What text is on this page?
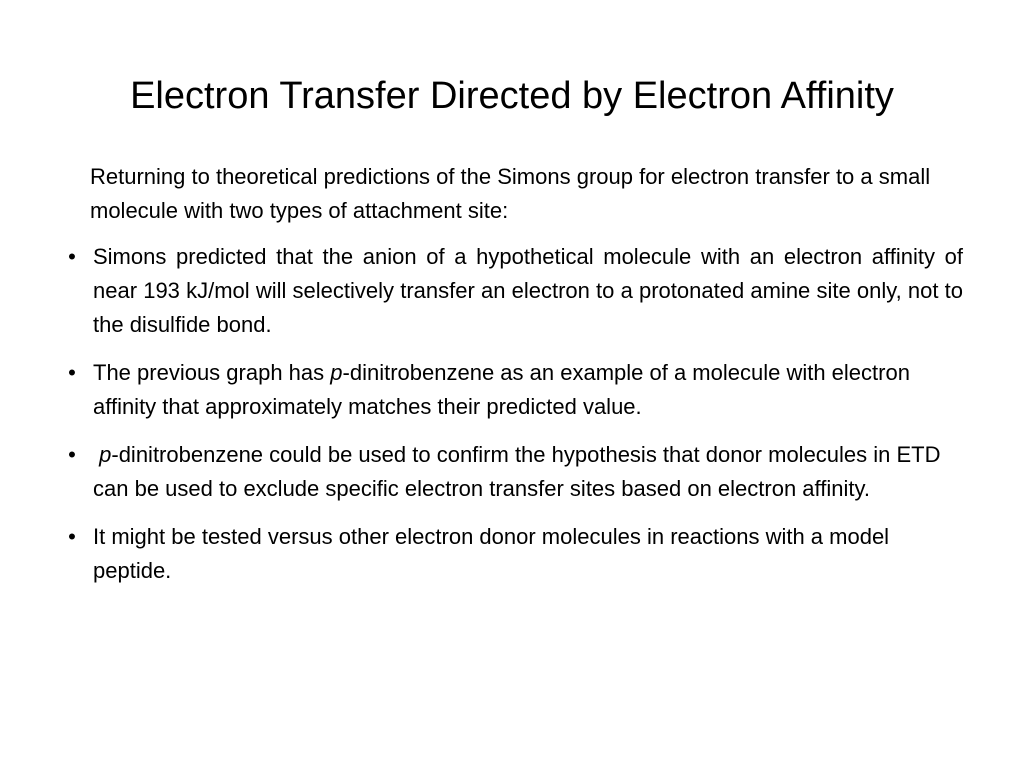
Electron Transfer Directed by Electron Affinity

Returning to theoretical predictions of the Simons group for electron transfer to a small molecule with two types of attachment site:

• Simons predicted that the anion of a hypothetical molecule with an electron affinity of near 193 kJ/mol will selectively transfer an electron to a protonated amine site only, not to the disulfide bond.
• The previous graph has p-dinitrobenzene as an example of a molecule with electron affinity that approximately matches their predicted value.
• p-dinitrobenzene could be used to confirm the hypothesis that donor molecules in ETD can be used to exclude specific electron transfer sites based on electron affinity.
• It might be tested versus other electron donor molecules in reactions with a model peptide.
